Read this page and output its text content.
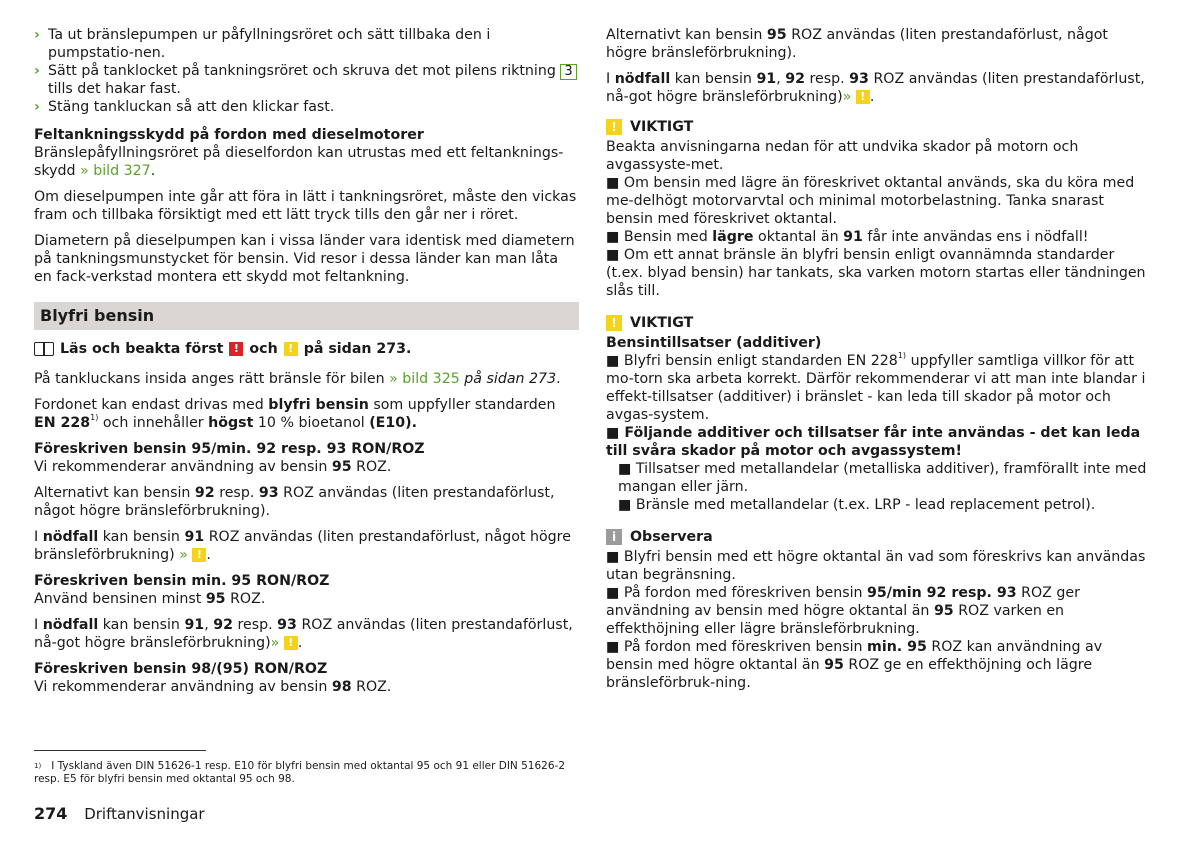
› Ta ut bränslepumpen ur påfyllningsröret och sätt tillbaka den i pumpstatio-nen.
› Sätt på tanklocket på tankningsröret och skruva det mot pilens riktning 3 tills det hakar fast.
› Stäng tankluckan så att den klickar fast.

Feltankningsskydd på fordon med dieselmotorer

Bränslepåfyllningsröret på dieselfordon kan utrustas med ett feltanknings-skydd » bild 327.

Om dieselpumpen inte går att föra in lätt i tankningsröret, måste den vickas fram och tillbaka försiktigt med ett lätt tryck tills den går ner i röret.

Diametern på dieselpumpen kan i vissa länder vara identisk med diametern på tankningsmunstycket för bensin. Vid resor i dessa länder kan man låta en fack-verkstad montera ett skydd mot feltankning.

Blyfri bensin
Läs och beakta först ! och ! på sidan 273.

På tankluckans insida anges rätt bränsle för bilen » bild 325 på sidan 273.

Fordonet kan endast drivas med blyfri bensin som uppfyller standarden EN 228$^{1)}$ och innehåller högst 10 % bioetanol (E10).

Föreskriven bensin 95/min. 92 resp. 93 RON/ROZ

Vi rekommenderar användning av bensin 95 ROZ.

Alternativt kan bensin 92 resp. 93 ROZ användas (liten prestandaförlust, något högre bränsleförbrukning).

I nödfall kan bensin 91 ROZ användas (liten prestandaförlust, något högre bränsleförbrukning) » ! .

Föreskriven bensin min. 95 RON/ROZ

Använd bensinen minst 95 ROZ.

I nödfall kan bensin 91, 92 resp. 93 ROZ användas (liten prestandaförlust, nå-got högre bränsleförbrukning)» ! .

Föreskriven bensin 98/(95) RON/ROZ

Vi rekommenderar användning av bensin 98 ROZ.

Alternativt kan bensin 95 ROZ användas (liten prestandaförlust, något högre bränsleförbrukning).

I nödfall kan bensin 91, 92 resp. 93 ROZ användas (liten prestandaförlust, nå-got högre bränsleförbrukning)» ! .

! VIKTIGT

Beakta anvisningarna nedan för att undvika skador på motorn och avgassyste-met.

■ Om bensin med lägre än föreskrivet oktantal används, ska du köra med me-delhögt motorvarvtal och minimal motorbelastning. Tanka snarast bensin med föreskrivet oktantal.

■ Bensin med lägre oktantal än 91 får inte användas ens i nödfall!

■ Om ett annat bränsle än blyfri bensin enligt ovannämnda standarder (t.ex. blyad bensin) har tankats, ska varken motorn startas eller tändningen slås till.

! VIKTIGT

Bensintillsatser (additiver)

■ Blyfri bensin enligt standarden EN 228$^{1)}$ uppfyller samtliga villkor för att mo-torn ska arbeta korrekt. Därför rekommenderar vi att man inte blandar i effekt-tillsatser (additiver) i bränslet - kan leda till skador på motor och avgas-system.

■ Följande additiver och tillsatser får inte användas - det kan leda till svåra skador på motor och avgassystem!

■ Tillsatser med metallandelar (metalliska additiver), framförallt inte med mangan eller järn.

■ Bränsle med metallandelar (t.ex. LRP - lead replacement petrol).

i Observera

■ Blyfri bensin med ett högre oktantal än vad som föreskrivs kan användas utan begränsning.

■ På fordon med föreskriven bensin 95/min 92 resp. 93 ROZ ger användning av bensin med högre oktantal än 95 ROZ varken en effekthöjning eller lägre bränsleförbrukning.

■ På fordon med föreskriven bensin min. 95 ROZ kan användning av bensin med högre oktantal än 95 ROZ ge en effekthöjning och lägre bränsleförbruk-ning.

$^{1)}$ I Tyskland även DIN 51626-1 resp. E10 för blyfri bensin med oktantal 95 och 91 eller DIN 51626-2 resp. E5 för blyfri bensin med oktantal 95 och 98.
274 Driftanvisningar
